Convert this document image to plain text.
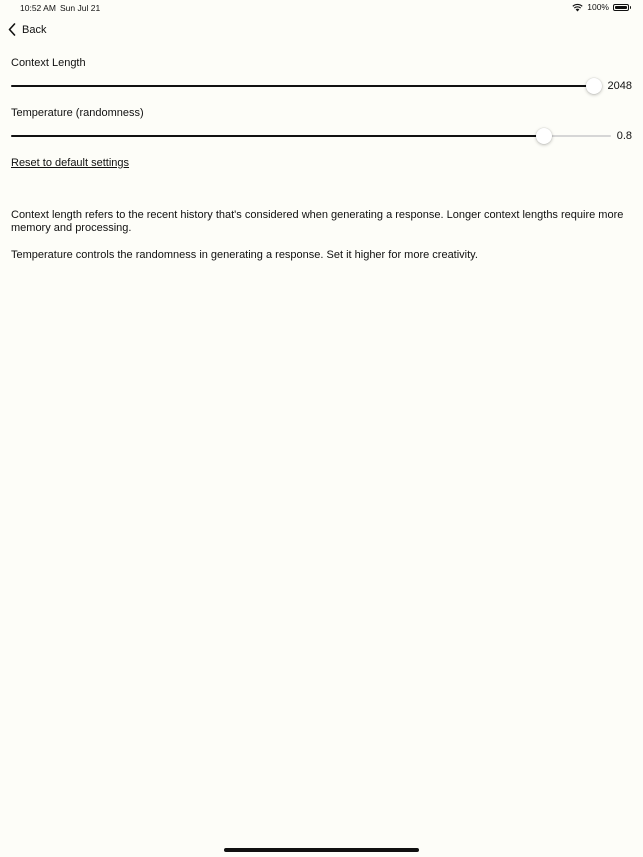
10:52 AM Sun Jul 21	100%
Back
Context Length
2048
Temperature (randomness)
0.8
Reset to default settings
Context length refers to the recent history that's considered when generating a response. Longer context lengths require more memory and processing.
Temperature controls the randomness in generating a response. Set it higher for more creativity.
